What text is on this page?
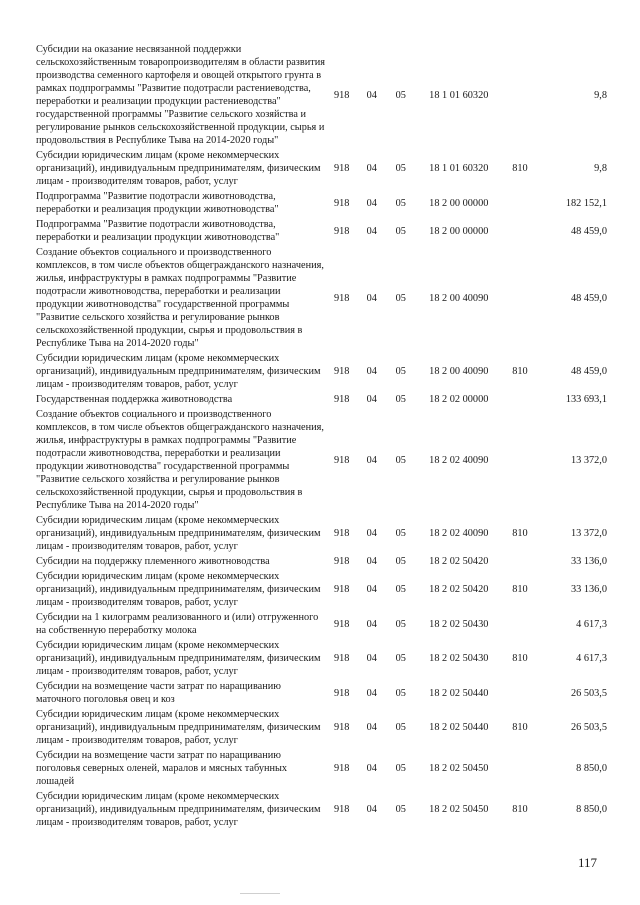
Субсидии на оказание несвязанной поддержки сельскохозяйственным товаропроизводителям в области развития производства семенного картофеля и овощей открытого грунта в рамках подпрограммы "Развитие подотрасли растениеводства, переработки и реализации продукции растениеводства" государственной программы "Развитие сельского хозяйства и регулирование рынков сельскохозяйственной продукции, сырья и продовольствия в Республике Тыва на 2014-2020 годы"	918	04	05	18 1 01 60320		9,8
Субсидии юридическим лицам (кроме некоммерческих организаций), индивидуальным предпринимателям, физическим лицам - производителям товаров, работ, услуг	918	04	05	18 1 01 60320	810	9,8
Подпрограмма "Развитие подотрасли животноводства, переработки и реализация продукции животноводства"	918	04	05	18 2 00 00000		182 152,1
Подпрограмма "Развитие подотрасли животноводства, переработки и реализации продукции животноводства"	918	04	05	18 2 00 00000		48 459,0
Создание объектов социального и производственного комплексов, в том числе объектов общегражданского назначения, жилья, инфраструктуры в рамках подпрограммы "Развитие подотрасли животноводства, переработки и реализации продукции животноводства" государственной программы "Развитие сельского хозяйства и регулирование рынков сельскохозяйственной продукции, сырья и продовольствия в Республике Тыва на 2014-2020 годы"	918	04	05	18 2 00 40090		48 459,0
Субсидии юридическим лицам (кроме некоммерческих организаций), индивидуальным предпринимателям, физическим лицам - производителям товаров, работ, услуг	918	04	05	18 2 00 40090	810	48 459,0
Государственная поддержка животноводства	918	04	05	18 2 02 00000		133 693,1
Создание объектов социального и производственного комплексов, в том числе объектов общегражданского назначения, жилья, инфраструктуры в рамках подпрограммы "Развитие подотрасли животноводства, переработки и реализации продукции животноводства" государственной программы "Развитие сельского хозяйства и регулирование рынков сельскохозяйственной продукции, сырья и продовольствия в Республике Тыва на 2014-2020 годы"	918	04	05	18 2 02 40090		13 372,0
Субсидии юридическим лицам (кроме некоммерческих организаций), индивидуальным предпринимателям, физическим лицам - производителям товаров, работ, услуг	918	04	05	18 2 02 40090	810	13 372,0
Субсидии на поддержку племенного животноводства	918	04	05	18 2 02 50420		33 136,0
Субсидии юридическим лицам (кроме некоммерческих организаций), индивидуальным предпринимателям, физическим лицам - производителям товаров, работ, услуг	918	04	05	18 2 02 50420	810	33 136,0
Субсидии на 1 килограмм реализованного и (или) отгруженного на собственную переработку молока	918	04	05	18 2 02 50430		4 617,3
Субсидии юридическим лицам (кроме некоммерческих организаций), индивидуальным предпринимателям, физическим лицам - производителям товаров, работ, услуг	918	04	05	18 2 02 50430	810	4 617,3
Субсидии на возмещение части затрат по наращиванию маточного поголовья овец и коз	918	04	05	18 2 02 50440		26 503,5
Субсидии юридическим лицам (кроме некоммерческих организаций), индивидуальным предпринимателям, физическим лицам - производителям товаров, работ, услуг	918	04	05	18 2 02 50440	810	26 503,5
Субсидии на возмещение части затрат по наращиванию поголовья северных оленей, маралов и мясных табунных лошадей	918	04	05	18 2 02 50450		8 850,0
Субсидии юридическим лицам (кроме некоммерческих организаций), индивидуальным предпринимателям, физическим лицам - производителям товаров, работ, услуг	918	04	05	18 2 02 50450	810	8 850,0
117
